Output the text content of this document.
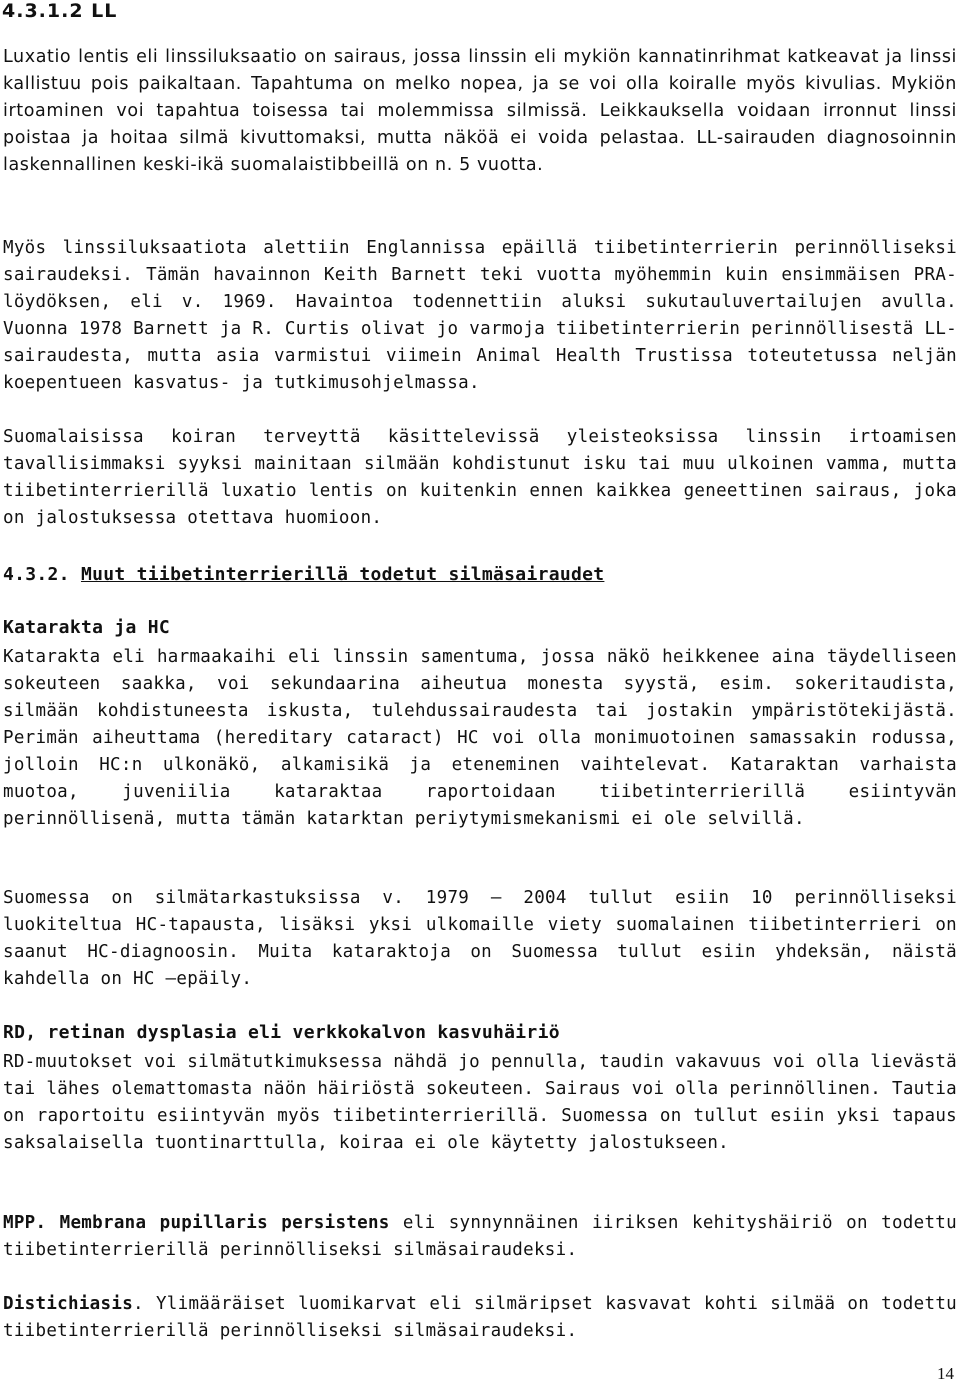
4.3.1.2 LL

Luxatio lentis eli linssiluksaatio on sairaus, jossa linssin eli mykiön kannatinrihmat katkeavat ja linssi kallistuu pois paikaltaan. Tapahtuma on melko nopea, ja se voi olla koiralle myös kivulias. Mykiön irtoaminen voi tapahtua toisessa tai molemmissa silmissä. Leikkauksella voidaan irronnut linssi poistaa ja hoitaa silmä kivuttomaksi, mutta näköä ei voida pelastaa. LL-sairauden diagnosoinnin laskennallinen keski-ikä suomalaistibbeillä on n. 5 vuotta.

Myös linssiluksaatiota alettiin Englannissa epäillä tiibetinterrierin perinnölliseksi sairaudeksi. Tämän havainnon Keith Barnett teki vuotta myöhemmin kuin ensimmäisen PRA-löydöksen, eli v. 1969. Havaintoa todennettiin aluksi sukutauluvertailujen avulla. Vuonna 1978 Barnett ja R. Curtis olivat jo varmoja tiibetinterrierin perinnöllisestä LL-sairaudesta, mutta asia varmistui viimein Animal Health Trustissa toteutetussa neljän koepentueen kasvatus- ja tutkimusohjelmassa.

Suomalaisissa koiran terveyttä käsittelevissä yleisteoksissa linssin irtoamisen tavallisimmaksi syyksi mainitaan silmään kohdistunut isku tai muu ulkoinen vamma, mutta tiibetinterrierillä luxatio lentis on kuitenkin ennen kaikkea geneettinen sairaus, joka on jalostuksessa otettava huomioon.

4.3.2. Muut tiibetinterrierillä todetut silmäsairaudet
Katarakta ja HC

Katarakta eli harmaakaihi eli linssin samentuma, jossa näkö heikkenee aina täydelliseen sokeuteen saakka, voi sekundaarina aiheutua monesta syystä, esim. sokeritaudista, silmään kohdistuneesta iskusta, tulehdussairaudesta tai jostakin ympäristötekijästä. Perimän aiheuttama (hereditary cataract) HC voi olla monimuotoinen samassakin rodussa, jolloin HC:n ulkonäkö, alkamisikä ja eteneminen vaihtelevat. Kataraktan varhaista muotoa, juveniilia kataraktaa raportoidaan tiibetinterrierillä esiintyvän perinnöllisenä, mutta tämän katarktan periytymismekanismi ei ole selvillä.

Suomessa on silmätarkastuksissa v. 1979 – 2004 tullut esiin 10 perinnölliseksi luokiteltua HC-tapausta, lisäksi yksi ulkomaille viety suomalainen tiibetinterrieri on saanut HC-diagnoosin. Muita kataraktoja on Suomessa tullut esiin yhdeksän, näistä kahdella on HC –epäily.

RD, retinan dysplasia eli verkkokalvon kasvuhäiriö

RD-muutokset voi silmätutkimuksessa nähdä jo pennulla, taudin vakavuus voi olla lievästä tai lähes olemattomasta näön häiriöstä sokeuteen. Sairaus voi olla perinnöllinen. Tautia on raportoitu esiintyvän myös tiibetinterrierillä. Suomessa on tullut esiin yksi tapaus saksalaisella tuontinarttulla, koiraa ei ole käytetty jalostukseen.

MPP. Membrana pupillaris persistens eli synnynnäinen iiriksen kehityshäiriö on todettu tiibetinterrierillä perinnölliseksi silmäsairaudeksi.

Distichiasis. Ylimääräiset luomikarvat eli silmäripset kasvavat kohti silmää on todettu tiibetinterrierillä perinnölliseksi silmäsairaudeksi.

14
